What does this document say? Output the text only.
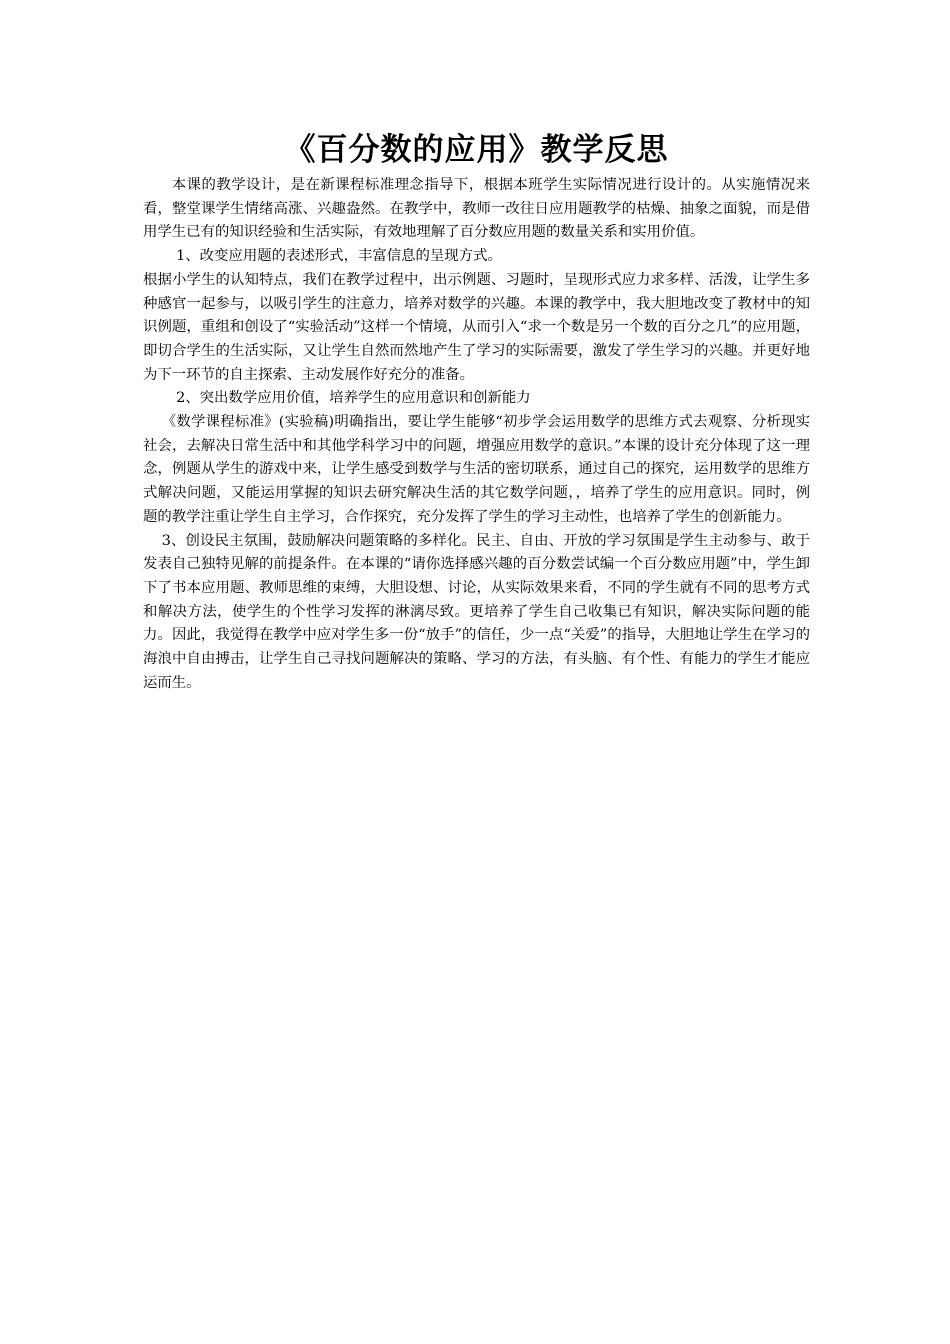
《百分数的应用》教学反思

本课的教学设计，是在新课程标准理念指导下，根据本班学生实际情况进行设计的。从实施情况来看，整堂课学生情绪高涨、兴趣盎然。在教学中，教师一改往日应用题教学的枯燥、抽象之面貌，而是借用学生已有的知识经验和生活实际，有效地理解了百分数应用题的数量关系和实用价值。

1、改变应用题的表述形式，丰富信息的呈现方式。

根据小学生的认知特点，我们在教学过程中，出示例题、习题时，呈现形式应力求多样、活泼，让学生多种感官一起参与，以吸引学生的注意力，培养对数学的兴趣。本课的教学中，我大胆地改变了教材中的知识例题，重组和创设了“实验活动”这样一个情境，从而引入“求一个数是另一个数的百分之几”的应用题，即切合学生的生活实际，又让学生自然而然地产生了学习的实际需要，激发了学生学习的兴趣。并更好地为下一环节的自主探索、主动发展作好充分的准备。

2、突出数学应用价值，培养学生的应用意识和创新能力

《数学课程标准》(实验稿)明确指出，要让学生能够“初步学会运用数学的思维方式去观察、分析现实社会，去解决日常生活中和其他学科学习中的问题，增强应用数学的意识。”本课的设计充分体现了这一理念，例题从学生的游戏中来，让学生感受到数学与生活的密切联系，通过自己的探究，运用数学的思维方式解决问题，又能运用掌握的知识去研究解决生活的其它数学问题，，培养了学生的应用意识。同时，例题的教学注重让学生自主学习，合作探究，充分发挥了学生的学习主动性，也培养了学生的创新能力。

3、创设民主氛围，鼓励解决问题策略的多样化。民主、自由、开放的学习氛围是学生主动参与、敢于发表自己独特见解的前提条件。在本课的“请你选择感兴趣的百分数尝试编一个百分数应用题”中，学生卸下了书本应用题、教师思维的束缚，大胆设想、讨论，从实际效果来看，不同的学生就有不同的思考方式和解决方法，使学生的个性学习发挥的淋漓尽致。更培养了学生自己收集已有知识，解决实际问题的能力。因此，我觉得在教学中应对学生多一份“放手”的信任，少一点“关爱”的指导，大胆地让学生在学习的海浪中自由搏击，让学生自己寻找问题解决的策略、学习的方法，有头脑、有个性、有能力的学生才能应运而生。
